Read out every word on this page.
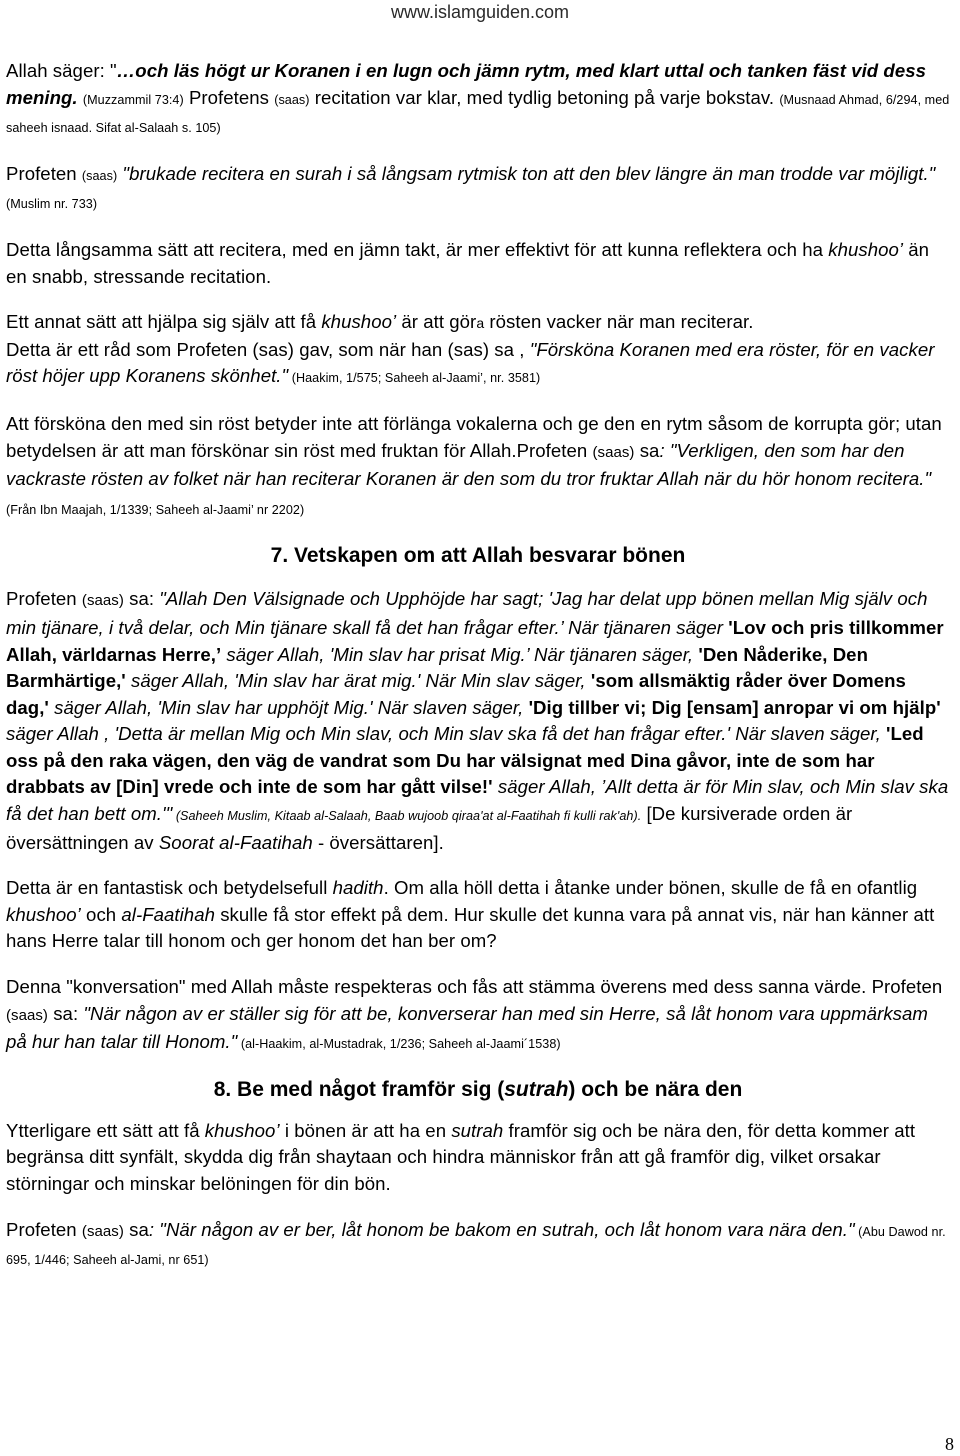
www.islamguiden.com

Allah säger: "…och läs högt ur Koranen i en lugn och jämn rytm, med klart uttal och tanken fäst vid dess mening. (Muzzammil 73:4) Profetens (saas) recitation var klar, med tydlig betoning på varje bokstav. (Musnaad Ahmad, 6/294, med saheeh isnaad. Sifat al-Salaah s. 105)

Profeten (saas) "brukade recitera en surah i så långsam rytmisk ton att den blev längre än man trodde var möjligt." (Muslim nr. 733)

Detta långsamma sätt att recitera, med en jämn takt, är mer effektivt för att kunna reflektera och ha khushoo’ än en snabb, stressande recitation.

Ett annat sätt att hjälpa sig själv att få khushoo’ är att göra rösten vacker när man reciterar.
Detta är ett råd som Profeten (sas) gav, som när han (sas) sa , "Försköna Koranen med era röster, för en vacker röst höjer upp Koranens skönhet." (Haakim, 1/575; Saheeh al-Jaami’, nr. 3581)

Att försköna den med sin röst betyder inte att förlänga vokalerna och ge den en rytm såsom de korrupta gör; utan betydelsen är att man förskönar sin röst med fruktan för Allah.Profeten (saas) sa: "Verkligen, den som har den vackraste rösten av folket när han reciterar Koranen är den som du tror fruktar Allah när du hör honom recitera." (Från Ibn Maajah, 1/1339; Saheeh al-Jaami’ nr 2202)

7. Vetskapen om att Allah besvarar bönen

Profeten (saas) sa: "Allah Den Välsignade och Upphöjde har sagt; 'Jag har delat upp bönen mellan Mig själv och min tjänare, i två delar, och Min tjänare skall få det han frågar efter.’ När tjänaren säger 'Lov och pris tillkommer Allah, världarnas Herre,’ säger Allah, 'Min slav har prisat Mig.’ När tjänaren säger, 'Den Nåderike, Den Barmhärtige,' säger Allah, 'Min slav har ärat mig.' När Min slav säger, 'som allsmäktig råder över Domens dag,' säger Allah, 'Min slav har upphöjt Mig.' När slaven säger, 'Dig tillber vi; Dig [ensam] anropar vi om hjälp' säger Allah , 'Detta är mellan Mig och Min slav, och Min slav ska få det han frågar efter.' När slaven säger, 'Led oss på den raka vägen, den väg de vandrat som Du har välsignat med Dina gåvor, inte de som har drabbats av [Din] vrede och inte de som har gått vilse!' säger Allah, ’Allt detta är för Min slav, och Min slav ska få det han bett om.'" (Saheeh Muslim, Kitaab al-Salaah, Baab wujoob qiraa'at al-Faatihah fi kulli rak'ah). [De kursiverade orden är översättningen av Soorat al-Faatihah - översättaren].

Detta är en fantastisk och betydelsefull hadith. Om alla höll detta i åtanke under bönen, skulle de få en ofantlig khushoo’ och al-Faatihah skulle få stor effekt på dem. Hur skulle det kunna vara på annat vis, när han känner att hans Herre talar till honom och ger honom det han ber om?

Denna "konversation" med Allah måste respekteras och fås att stämma överens med dess sanna värde. Profeten (saas) sa: "När någon av er ställer sig för att be, konverserar han med sin Herre, så låt honom vara uppmärksam på hur han talar till Honom." (al-Haakim, al-Mustadrak, 1/236; Saheeh al-Jaami´1538)

8. Be med något framför sig (sutrah) och be nära den

Ytterligare ett sätt att få khushoo’ i bönen är att ha en sutrah framför sig och be nära den, för detta kommer att begränsa ditt synfält, skydda dig från shaytaan och hindra människor från att gå framför dig, vilket orsakar störningar och minskar belöningen för din bön.

Profeten (saas) sa: "När någon av er ber, låt honom be bakom en sutrah, och låt honom vara nära den." (Abu Dawod nr. 695, 1/446; Saheeh al-Jami, nr 651)

8
